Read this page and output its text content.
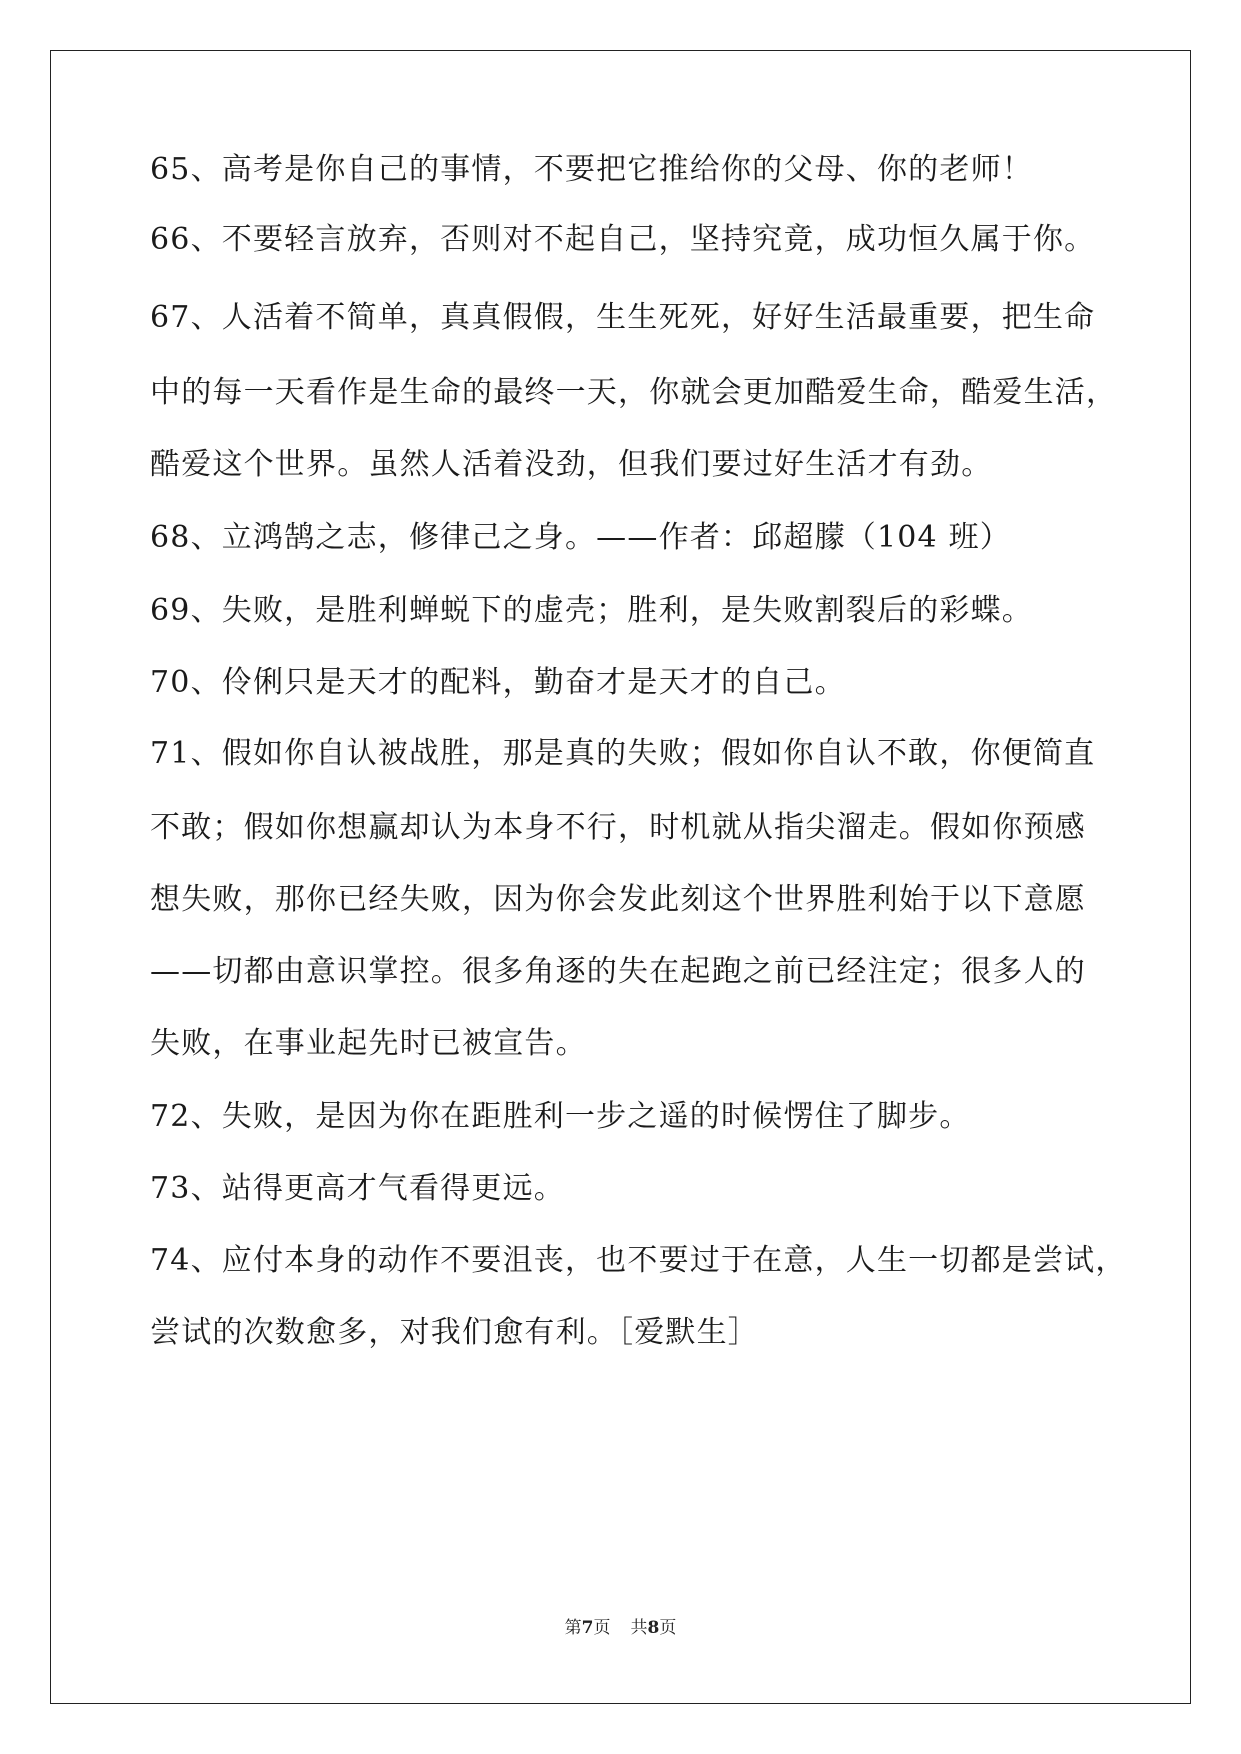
65、高考是你自己的事情，不要把它推给你的父母、你的老师！
66、不要轻言放弃，否则对不起自己，坚持究竟，成功恒久属于你。
67、人活着不简单，真真假假，生生死死，好好生活最重要，把生命
中的每一天看作是生命的最终一天，你就会更加酷爱生命，酷爱生活，
酷爱这个世界。虽然人活着没劲，但我们要过好生活才有劲。
68、立鸿鹄之志，修律己之身。——作者：邱超朦（104 班）
69、失败，是胜利蝉蜕下的虚壳；胜利，是失败割裂后的彩蝶。
70、伶俐只是天才的配料，勤奋才是天才的自己。
71、假如你自认被战胜，那是真的失败；假如你自认不敢，你便简直
不敢；假如你想赢却认为本身不行，时机就从指尖溜走。假如你预感
想失败，那你已经失败，因为你会发此刻这个世界胜利始于以下意愿
——切都由意识掌控。很多角逐的失在起跑之前已经注定；很多人的
失败，在事业起先时已被宣告。
72、失败，是因为你在距胜利一步之遥的时候愣住了脚步。
73、站得更高才气看得更远。
74、应付本身的动作不要沮丧，也不要过于在意，人生一切都是尝试，
尝试的次数愈多，对我们愈有利。［爱默生］
第7页 共8页
